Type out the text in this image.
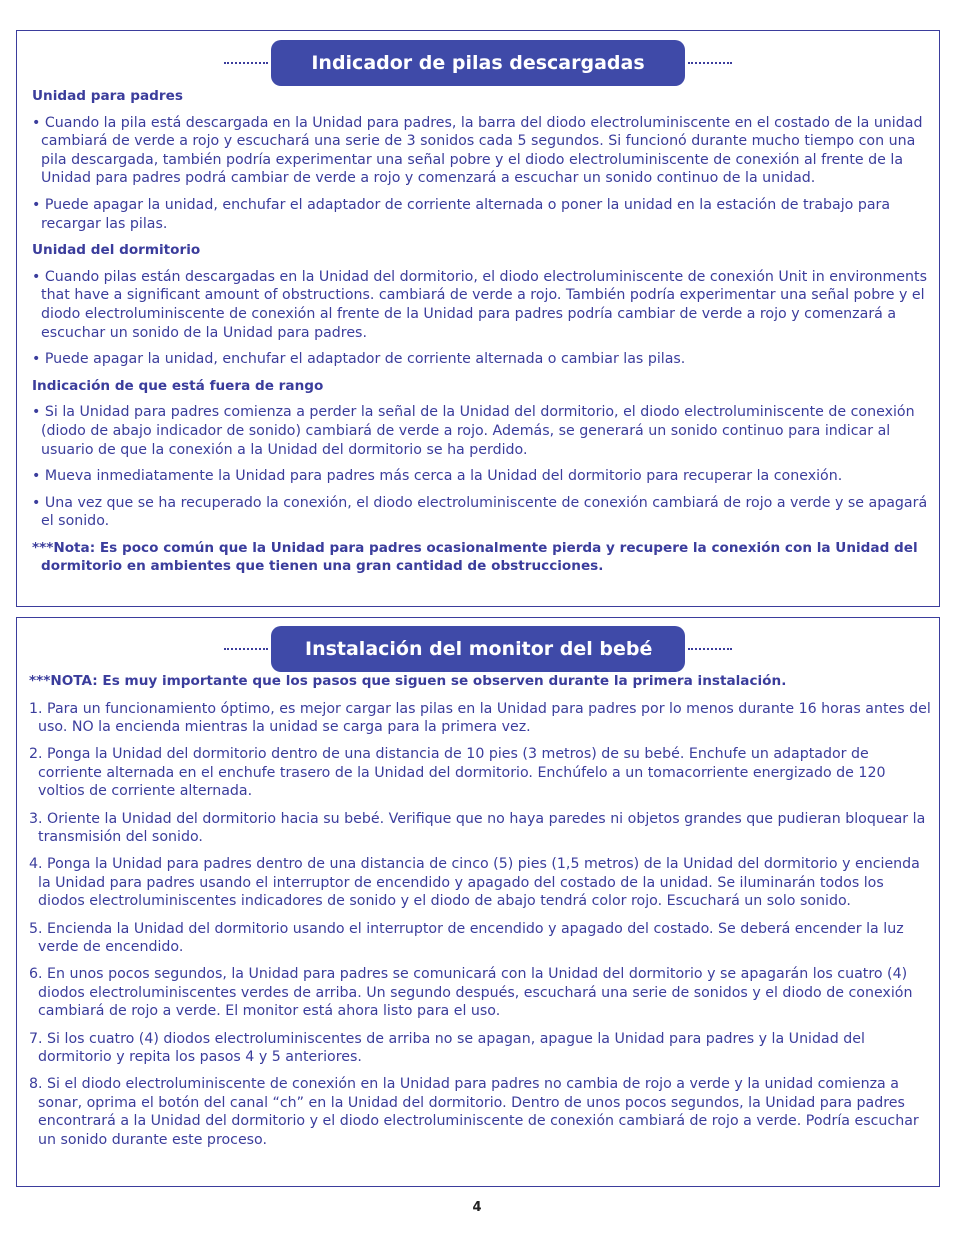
Indicador de pilas descargadas

Unidad para padres

• Cuando la pila está descargada en la Unidad para padres, la barra del diodo electroluminiscente en el costado de la unidad cambiará de verde a rojo y escuchará una serie de 3 sonidos cada 5 segundos. Si funcionó durante mucho tiempo con una pila descargada, también podría experimentar una señal pobre y el diodo electroluminiscente de conexión al frente de la Unidad para padres podrá cambiar de verde a rojo y comenzará a escuchar un sonido continuo de la unidad.

• Puede apagar la unidad, enchufar el adaptador de corriente alternada o poner la unidad en la estación de trabajo para recargar las pilas.

Unidad del dormitorio

• Cuando pilas están descargadas en la Unidad del dormitorio, el diodo electroluminiscente de conexión Unit in environments that have a significant amount of obstructions. cambiará de verde a rojo. También podría experimentar una señal pobre y el diodo electroluminiscente de conexión al frente de la Unidad para padres podría cambiar de verde a rojo y comenzará a escuchar un sonido de la Unidad para padres.

• Puede apagar la unidad, enchufar el adaptador de corriente alternada o cambiar las pilas.

Indicación de que está fuera de rango

• Si la Unidad para padres comienza a perder la señal de la Unidad del dormitorio, el diodo electroluminiscente de conexión (diodo de abajo indicador de sonido) cambiará de verde a rojo. Además, se generará un sonido continuo para indicar al usuario de que la conexión a la Unidad del dormitorio se ha perdido.

• Mueva inmediatamente la Unidad para padres más cerca a la Unidad del dormitorio para recuperar la conexión.

• Una vez que se ha recuperado la conexión, el diodo electroluminiscente de conexión cambiará de rojo a verde y se apagará el sonido.

***Nota: Es poco común que la Unidad para padres ocasionalmente pierda y recupere la conexión con la Unidad del dormitorio en ambientes que tienen una gran cantidad de obstrucciones.

Instalación del monitor del bebé

***NOTA: Es muy importante que los pasos que siguen se observen durante la primera instalación.

1. Para un funcionamiento óptimo, es mejor cargar las pilas en la Unidad para padres por lo menos durante 16 horas antes del uso. NO la encienda mientras la unidad se carga para la primera vez.

2. Ponga la Unidad del dormitorio dentro de una distancia de 10 pies (3 metros) de su bebé. Enchufe un adaptador de corriente alternada en el enchufe trasero de la Unidad del dormitorio. Enchúfelo a un tomacorriente energizado de 120 voltios de corriente alternada.

3. Oriente la Unidad del dormitorio hacia su bebé. Verifique que no haya paredes ni objetos grandes que pudieran bloquear la transmisión del sonido.

4. Ponga la Unidad para padres dentro de una distancia de cinco (5) pies (1,5 metros) de la Unidad del dormitorio y encienda la Unidad para padres usando el interruptor de encendido y apagado del costado de la unidad. Se iluminarán todos los diodos electroluminiscentes indicadores de sonido y el diodo de abajo tendrá color rojo. Escuchará un solo sonido.

5. Encienda la Unidad del dormitorio usando el interruptor de encendido y apagado del costado. Se deberá encender la luz verde de encendido.

6. En unos pocos segundos, la Unidad para padres se comunicará con la Unidad del dormitorio y se apagarán los cuatro (4) diodos electroluminiscentes verdes de arriba. Un segundo después, escuchará una serie de sonidos y el diodo de conexión cambiará de rojo a verde. El monitor está ahora listo para el uso.

7. Si los cuatro (4) diodos electroluminiscentes de arriba no se apagan, apague la Unidad para padres y la Unidad del dormitorio y repita los pasos 4 y 5 anteriores.

8. Si el diodo electroluminiscente de conexión en la Unidad para padres no cambia de rojo a verde y la unidad comienza a sonar, oprima el botón del canal “ch” en la Unidad del dormitorio. Dentro de unos pocos segundos, la Unidad para padres encontrará a la Unidad del dormitorio y el diodo electroluminiscente de conexión cambiará de rojo a verde. Podría escuchar un sonido durante este proceso.

4
